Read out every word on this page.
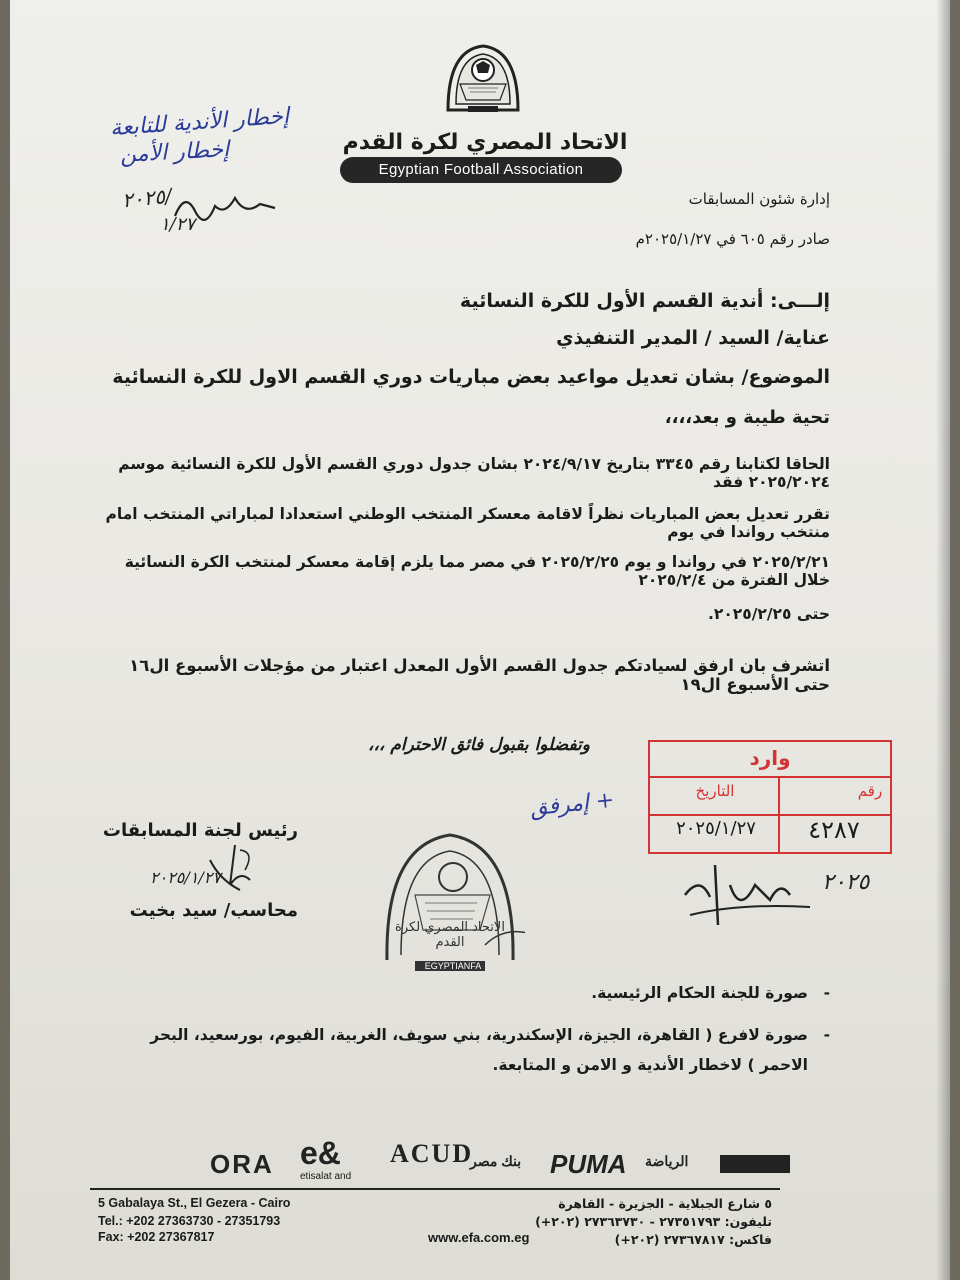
الاتحاد المصري لكرة القدم
Egyptian Football Association
إخطار الأندية للتابعة
إخطار الأمن
٢٠٢٥/
١/٢٧
إدارة شئون المسابقات
صادر رقم ٦٠٥ في ٢٠٢٥/١/٢٧م
إلـــى: أندية القسم الأول للكرة النسائية
عناية/ السيد / المدير التنفيذي
الموضوع/ بشان تعديل مواعيد بعض مباريات دوري القسم الاول للكرة النسائية
تحية طيبة و بعد،،،،
الحاقا لكتابنا رقم ٣٣٤٥ بتاريخ ٢٠٢٤/٩/١٧ بشان جدول دوري القسم الأول للكرة النسائية موسم ٢٠٢٥/٢٠٢٤ فقد
تقرر تعديل بعض المباريات نظراً لاقامة معسكر المنتخب الوطني استعدادا لمباراتي المنتخب امام منتخب رواندا في يوم
٢٠٢٥/٢/٢١ في رواندا و يوم ٢٠٢٥/٢/٢٥ في مصر مما يلزم إقامة معسكر لمنتخب الكرة النسائية خلال الفترة من ٢٠٢٥/٢/٤
حتى ٢٠٢٥/٢/٢٥.
اتشرف بان ارفق لسيادتكم جدول القسم الأول المعدل اعتبار من مؤجلات الأسبوع ال١٦ حتى الأسبوع ال١٩
وتفضلوا بقبول فائق الاحترام ،،،
رئيس لجنة المسابقات
٢٠٢٥/١/٢٧
محاسب/ سيد بخيت
الاتحاد المصري لكرة القدم
EGYPTIANFA
وارد
التاريخ	رقم
٢٠٢٥/١/٢٧	٤٢٨٧
+ إمرفق
٢٠٢٥
- صورة للجنة الحكام الرئيسية.
- صورة لافرع ( القاهرة، الجيزة، الإسكندرية، بني سويف، الغربية، الفيوم، بورسعيد، البحر الاحمر ) لاخطار الأندية و الامن و المتابعة.
ORA e&
etisalat and
ACUD
بنك مصر PUMA الرياضة
5 Gabalaya St., El Gezera - Cairo
Tel.: +202 27363730 - 27351793
Fax: +202 27367817	www.efa.com.eg
٥ شارع الجبلاية - الجزيرة - القاهرة
تليفون: ٢٧٣٥١٧٩٣ - ٢٧٣٦٣٧٣٠ (٢٠٢+)
فاكس: ٢٧٣٦٧٨١٧ (٢٠٢+)
